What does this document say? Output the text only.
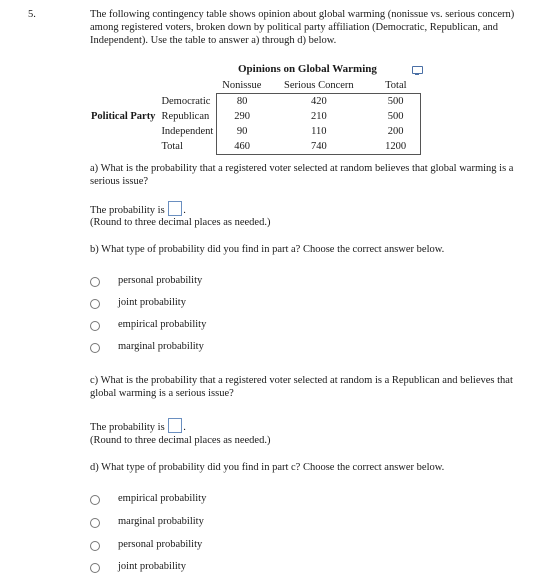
5.	The following contingency table shows opinion about global warming (nonissue vs. serious concern) among registered voters, broken down by political party affiliation (Democratic, Republican, and Independent). Use the table to answer a) through d) below.
Opinions on Global Warming
		Nonissue	Serious Concern	Total
	Democratic	80	420	500
Political Party	Republican	290	210	500
	Independent	90	110	200
	Total	460	740	1200
a) What is the probability that a registered voter selected at random believes that global warming is a serious issue?
The probability is .
(Round to three decimal places as needed.)
b) What type of probability did you find in part a? Choose the correct answer below.
personal probability
joint probability
empirical probability
marginal probability
c) What is the probability that a registered voter selected at random is a Republican and believes that global warming is a serious issue?
The probability is .
(Round to three decimal places as needed.)
d) What type of probability did you find in part c? Choose the correct answer below.
empirical probability
marginal probability
personal probability
joint probability
